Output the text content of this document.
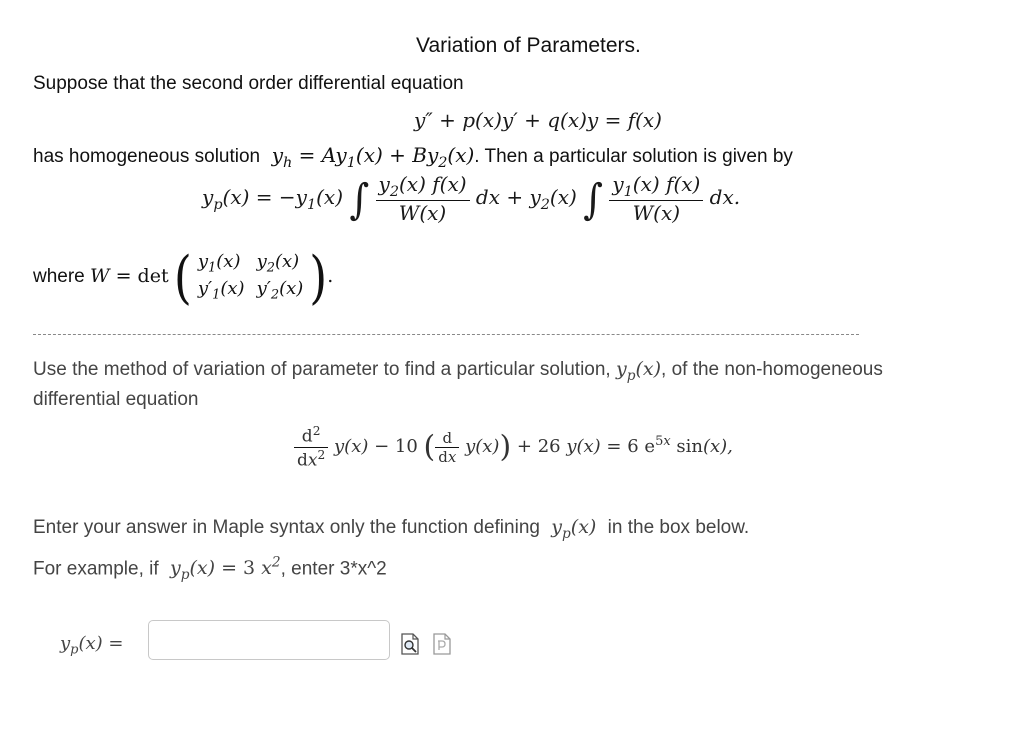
Variation of Parameters.
Suppose that the second order differential equation
y″ + p(x)y′ + q(x)y = f(x)
has homogeneous solution  $y_h = Ay_1(x) + By_2(x)$. Then a particular solution is given by
$y_p(x) = -y_1(x)$ ∫ $\frac{y_2(x) f(x)}{W(x)}$ dx + $y_2(x)$ ∫ $\frac{y_1(x) f(x)}{W(x)}$ dx.
where W = det ( $y_1(x)$	$y_2(x)$
$y'_1(x)$	$y'_2(x)$ ).
Use the method of variation of parameter to find a particular solution, $y_p(x)$, of the non-homogeneous
differential equation
$\frac{d^2}{dx^2} y(x) - 10$ ( $\frac{d}{dx} y(x)) + 26$ y(x) = 6 $e^{5x}$ sin(x),
Enter your answer in Maple syntax only the function defining  $y_p(x)$  in the box below.
For example, if  $y_p(x) = 3$ $x^2$, enter 3*x^2
$y_p(x)$ =
